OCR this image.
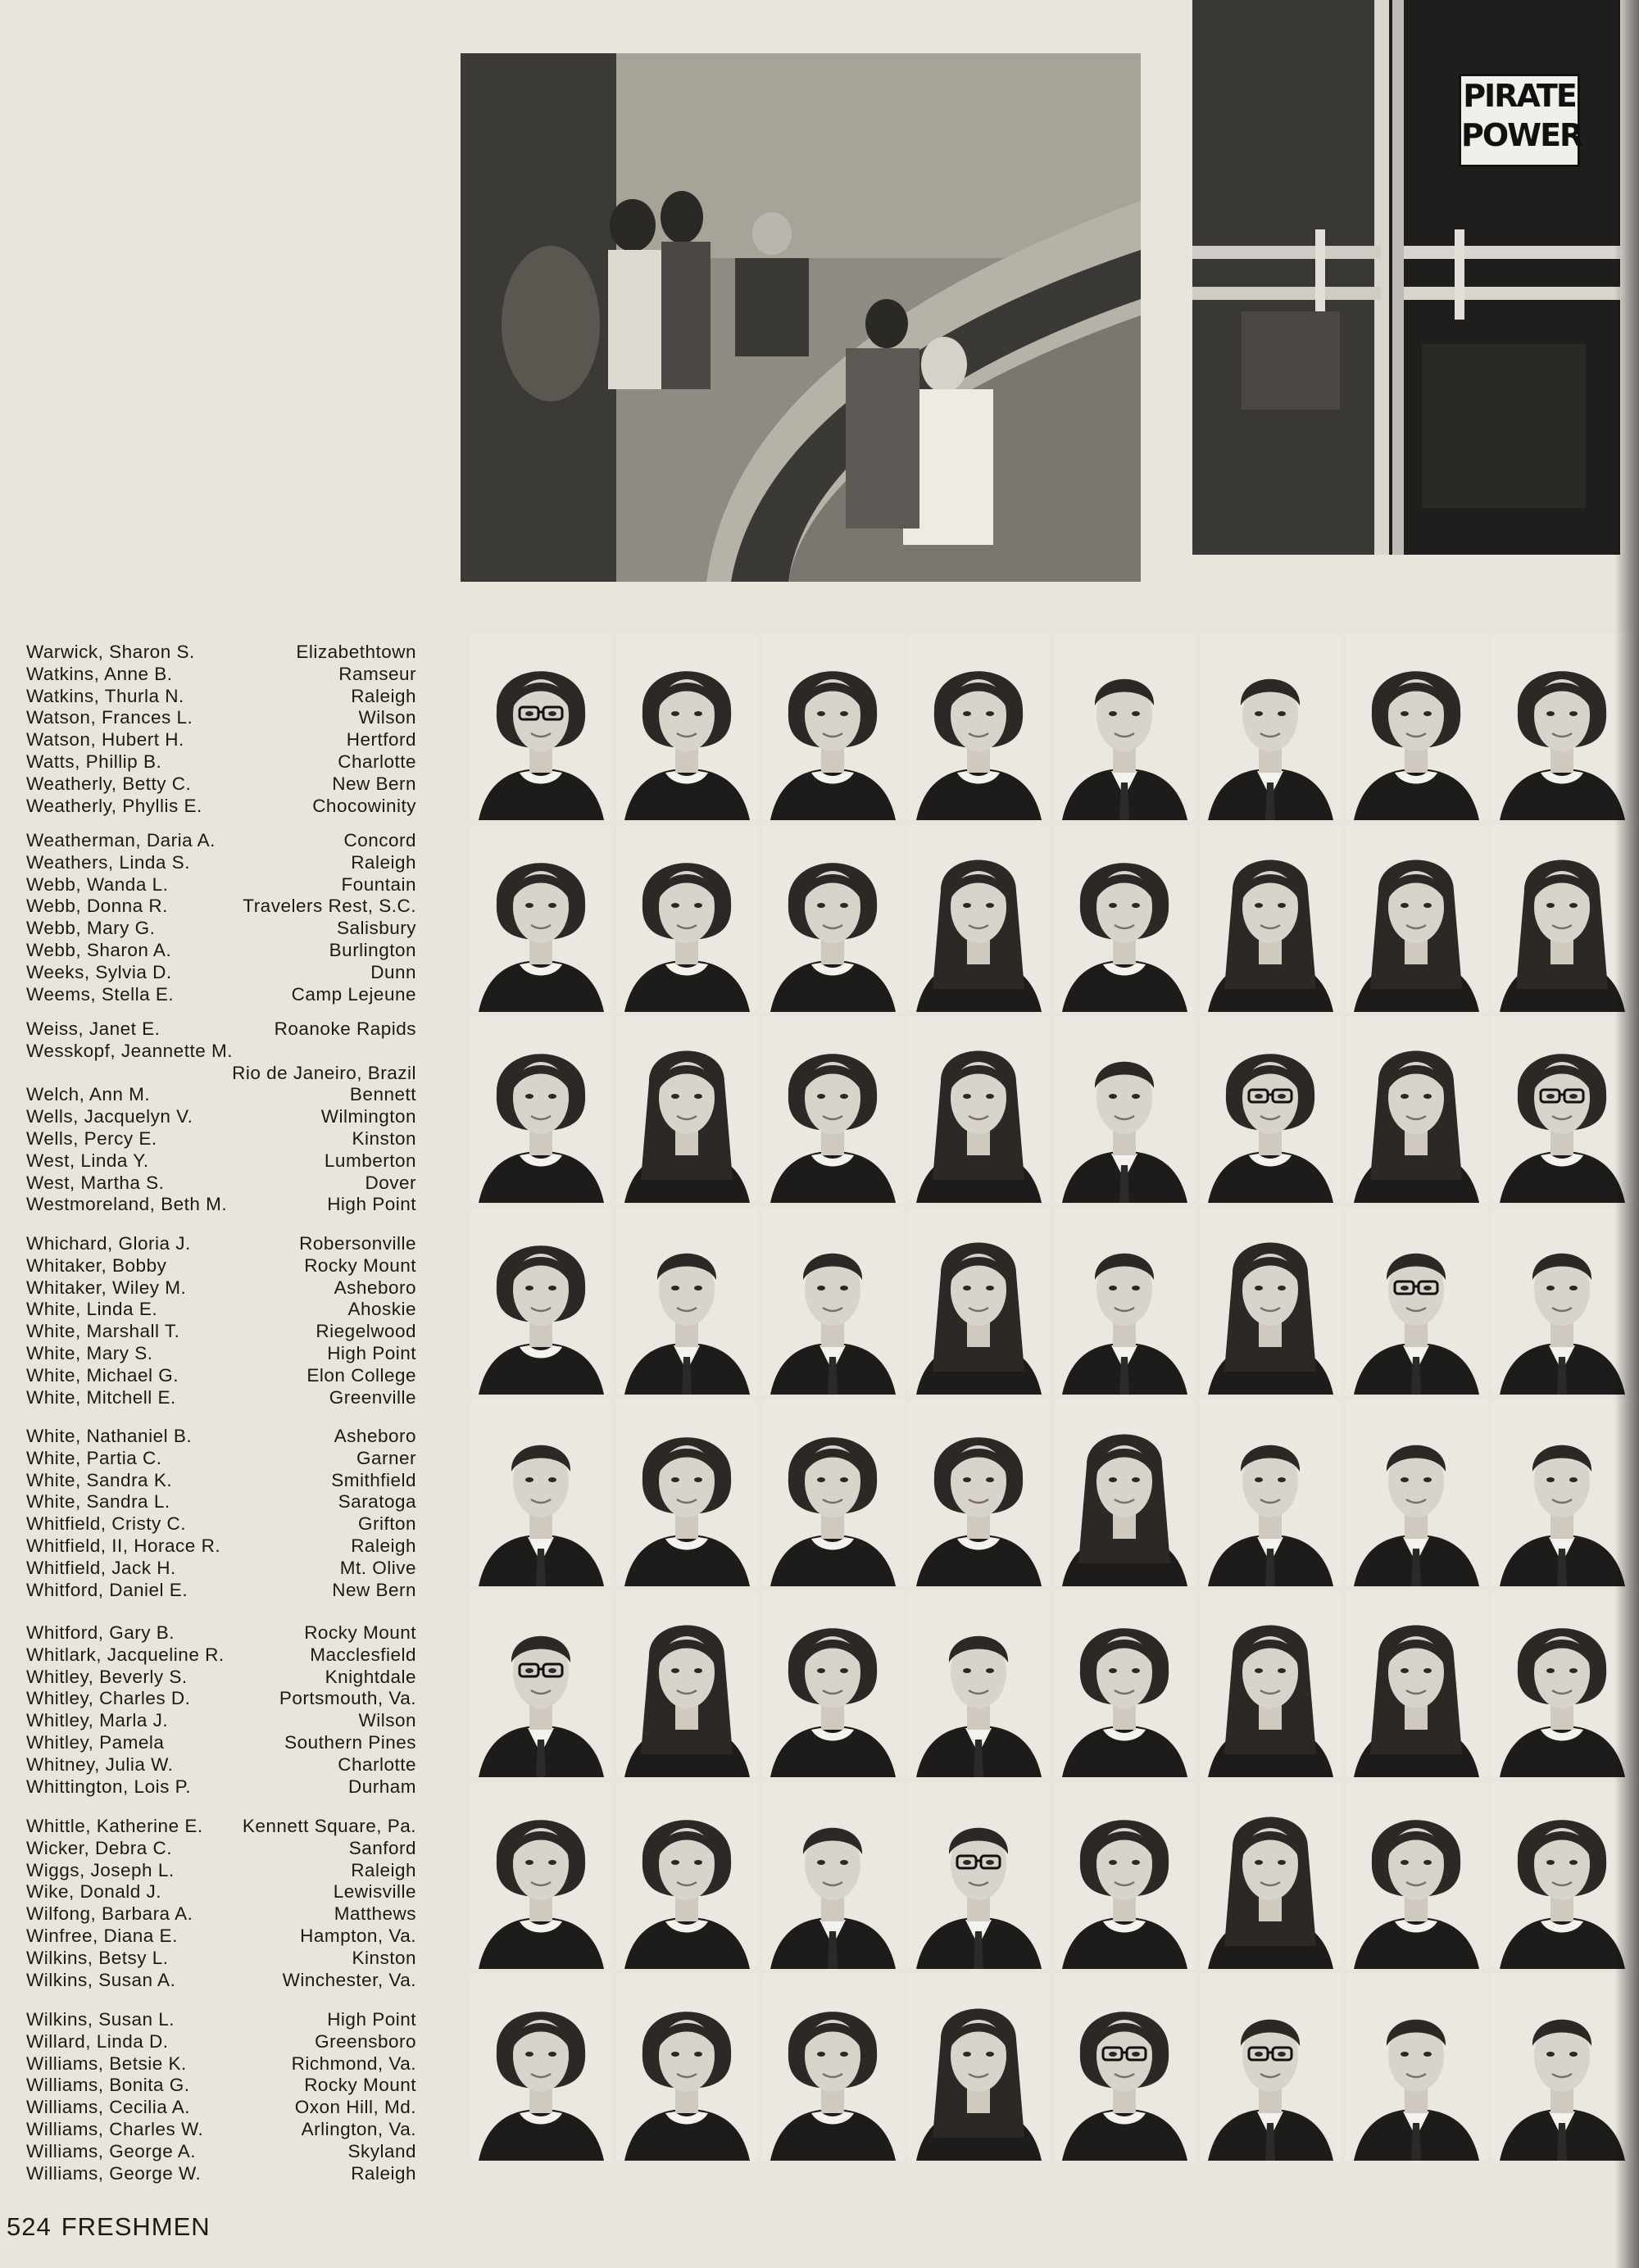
PIRATE
POWER
Warwick, Sharon S.	Elizabethtown
Watkins, Anne B.	Ramseur
Watkins, Thurla N.	Raleigh
Watson, Frances L.	Wilson
Watson, Hubert H.	Hertford
Watts, Phillip B.	Charlotte
Weatherly, Betty C.	New Bern
Weatherly, Phyllis E.	Chocowinity
Weatherman, Daria A.	Concord
Weathers, Linda S.	Raleigh
Webb, Wanda L.	Fountain
Webb, Donna R.	Travelers Rest, S.C.
Webb, Mary G.	Salisbury
Webb, Sharon A.	Burlington
Weeks, Sylvia D.	Dunn
Weems, Stella E.	Camp Lejeune
Weiss, Janet E.	Roanoke Rapids
Wesskopf, Jeannette M.
Rio de Janeiro, Brazil
Welch, Ann M.	Bennett
Wells, Jacquelyn V.	Wilmington
Wells, Percy E.	Kinston
West, Linda Y.	Lumberton
West, Martha S.	Dover
Westmoreland, Beth M.	High Point
Whichard, Gloria J.	Robersonville
Whitaker, Bobby	Rocky Mount
Whitaker, Wiley M.	Asheboro
White, Linda E.	Ahoskie
White, Marshall T.	Riegelwood
White, Mary S.	High Point
White, Michael G.	Elon College
White, Mitchell E.	Greenville
White, Nathaniel B.	Asheboro
White, Partia C.	Garner
White, Sandra K.	Smithfield
White, Sandra L.	Saratoga
Whitfield, Cristy C.	Grifton
Whitfield, II, Horace R.	Raleigh
Whitfield, Jack H.	Mt. Olive
Whitford, Daniel E.	New Bern
Whitford, Gary B.	Rocky Mount
Whitlark, Jacqueline R.	Macclesfield
Whitley, Beverly S.	Knightdale
Whitley, Charles D.	Portsmouth, Va.
Whitley, Marla J.	Wilson
Whitley, Pamela	Southern Pines
Whitney, Julia W.	Charlotte
Whittington, Lois P.	Durham
Whittle, Katherine E. Kennett Square, Pa.
Wicker, Debra C.	Sanford
Wiggs, Joseph L.	Raleigh
Wike, Donald J.	Lewisville
Wilfong, Barbara A.	Matthews
Winfree, Diana E.	Hampton, Va.
Wilkins, Betsy L.	Kinston
Wilkins, Susan A.	Winchester, Va.
Wilkins, Susan L.	High Point
Willard, Linda D.	Greensboro
Williams, Betsie K.	Richmond, Va.
Williams, Bonita G.	Rocky Mount
Williams, Cecilia A.	Oxon Hill, Md.
Williams, Charles W.	Arlington, Va.
Williams, George A.	Skyland
Williams, George W.	Raleigh
524 FRESHMEN
